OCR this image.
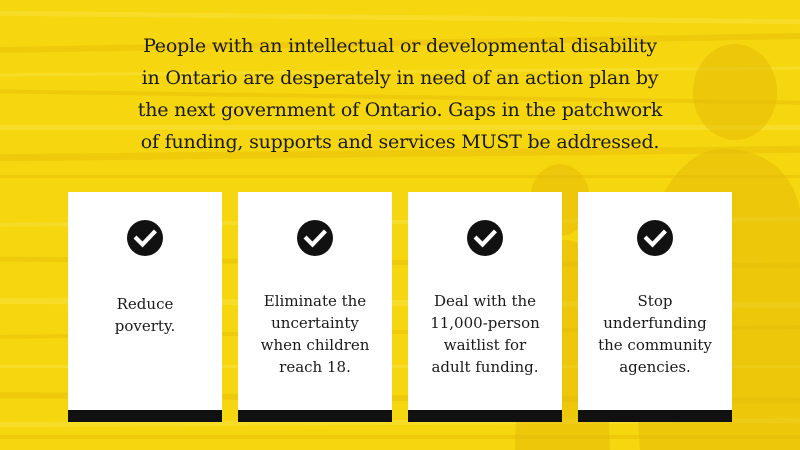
People with an intellectual or developmental disability
in Ontario are desperately in need of an action plan by
the next government of Ontario. Gaps in the patchwork
of funding, supports and services MUST be addressed.
Reduce
poverty.
Eliminate the
uncertainty
when children
reach 18.
Deal with the
11,000-person
waitlist for
adult funding.
Stop
underfunding
the community
agencies.
